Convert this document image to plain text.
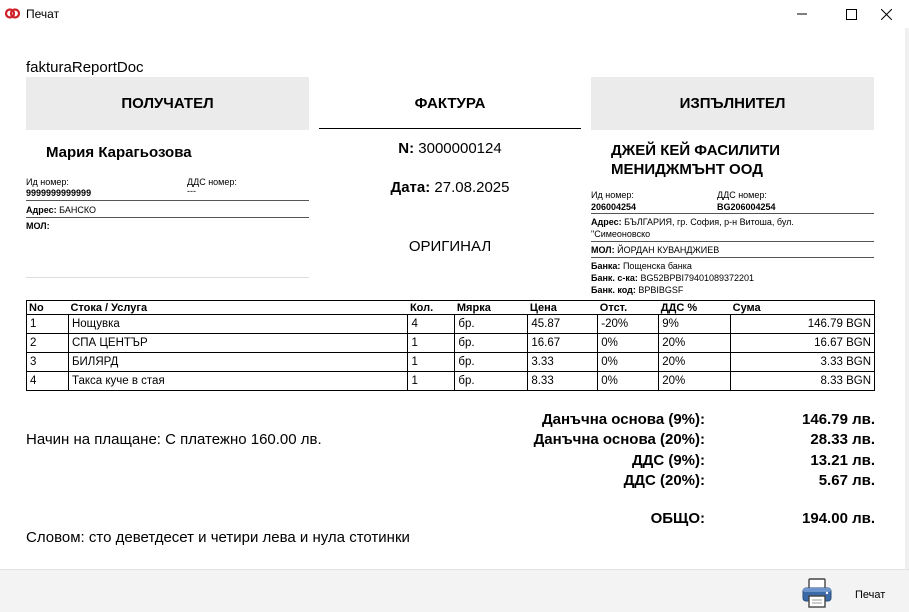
Печат
fakturaReportDoc
ПОЛУЧАТЕЛ	ФАКТУРА	ИЗПЪЛНИТЕЛ
Мария Карагьозова
Ид номер:
9999999999999
ДДС номер:
---
Адрес: БАНСКО
МОЛ:
N: 3000000124
Дата: 27.08.2025
ОРИГИНАЛ
ДЖЕЙ КЕЙ ФАСИЛИТИ МЕНИДЖМЪНТ ООД
Ид номер:
206004254
ДДС номер:
BG206004254
Адрес: БЪЛГАРИЯ, гр. София, р-н Витоша, бул.
"Симеоновско
МОЛ: ЙОРДАН КУВАНДЖИЕВ
Банка: Пощенска банка
Банк. с-ка: BG52BPBI79401089372201
Банк. код: BPBIBGSF
No	Стока / Услуга	Кол.	Мярка	Цена	Отст.	ДДС %	Сума
1	Нощувка	4	бр.	45.87	-20%	9%	146.79 BGN
2	СПА ЦЕНТЪР	1	бр.	16.67	0%	20%	16.67 BGN
3	БИЛЯРД	1	бр.	3.33	0%	20%	3.33 BGN
4	Такса куче в стая	1	бр.	8.33	0%	20%	8.33 BGN
Начин на плащане: С платежно 160.00 лв.
Данъчна основа (9%):	146.79 лв.
Данъчна основа (20%):	28.33 лв.
ДДС (9%):	13.21 лв.
ДДС (20%):	5.67 лв.
ОБЩО:	194.00 лв.
Словом: сто деветдесет и четири лева и нула стотинки
Печат
